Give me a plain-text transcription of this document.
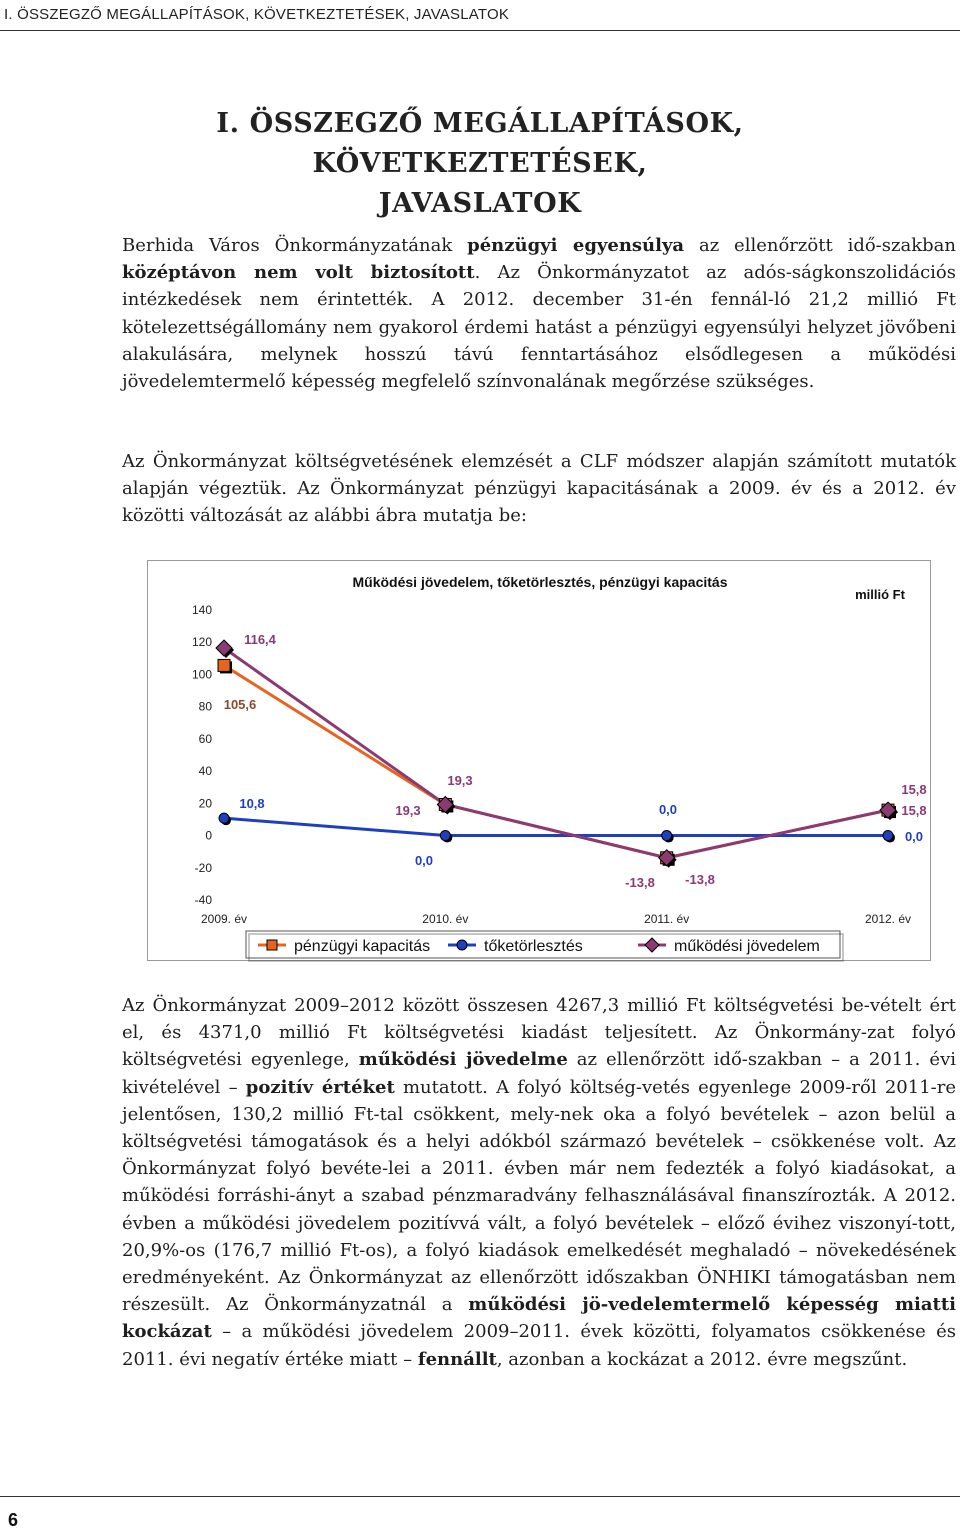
I. ÖSSZEGZŐ MEGÁLLAPÍTÁSOK, KÖVETKEZTETÉSEK, JAVASLATOK
I. ÖSSZEGZŐ MEGÁLLAPÍTÁSOK, KÖVETKEZTETÉSEK,
JAVASLATOK
Berhida Város Önkormányzatának pénzügyi egyensúlya az ellenőrzött idő-szakban középtávon nem volt biztosított. Az Önkormányzatot az adós-ságkonszolidációs intézkedések nem érintették. A 2012. december 31-én fennál-ló 21,2 millió Ft kötelezettségállomány nem gyakorol érdemi hatást a pénzügyi egyensúlyi helyzet jövőbeni alakulására, melynek hosszú távú fenntartásához elsődlegesen a működési jövedelemtermelő képesség megfelelő színvonalának megőrzése szükséges.
Az Önkormányzat költségvetésének elemzését a CLF módszer alapján számított mutatók alapján végeztük. Az Önkormányzat pénzügyi kapacitásának a 2009. év és a 2012. év közötti változását az alábbi ábra mutatja be:
Működési jövedelem, tőketörlesztés, pénzügyi kapacitás
millió Ft
140
120
100
80
60
40
20
0
-20
-40
2009. év	2010. év	2011. év	2012. év
105,6
19,3
-13,8
15,8
10,8
0,0
0,0
0,0
116,4
19,3
-13,8
15,8
pénzügyi kapacitás	tőketörlesztés	működési jövedelem
Az Önkormányzat 2009–2012 között összesen 4267,3 millió Ft költségvetési be-vételt ért el, és 4371,0 millió Ft költségvetési kiadást teljesített. Az Önkormány-zat folyó költségvetési egyenlege, működési jövedelme az ellenőrzött idő-szakban – a 2011. évi kivételével – pozitív értéket mutatott. A folyó költség-vetés egyenlege 2009-ről 2011-re jelentősen, 130,2 millió Ft-tal csökkent, mely-nek oka a folyó bevételek – azon belül a költségvetési támogatások és a helyi adókból származó bevételek – csökkenése volt. Az Önkormányzat folyó bevéte-lei a 2011. évben már nem fedezték a folyó kiadásokat, a működési forráshi-ányt a szabad pénzmaradvány felhasználásával finanszírozták. A 2012. évben a működési jövedelem pozitívvá vált, a folyó bevételek – előző évihez viszonyí-tott, 20,9%-os (176,7 millió Ft-os), a folyó kiadások emelkedését meghaladó – növekedésének eredményeként. Az Önkormányzat az ellenőrzött időszakban ÖNHIKI támogatásban nem részesült. Az Önkormányzatnál a működési jö-vedelemtermelő képesség miatti kockázat – a működési jövedelem 2009–2011. évek közötti, folyamatos csökkenése és 2011. évi negatív értéke miatt – fennállt, azonban a kockázat a 2012. évre megszűnt.
6
